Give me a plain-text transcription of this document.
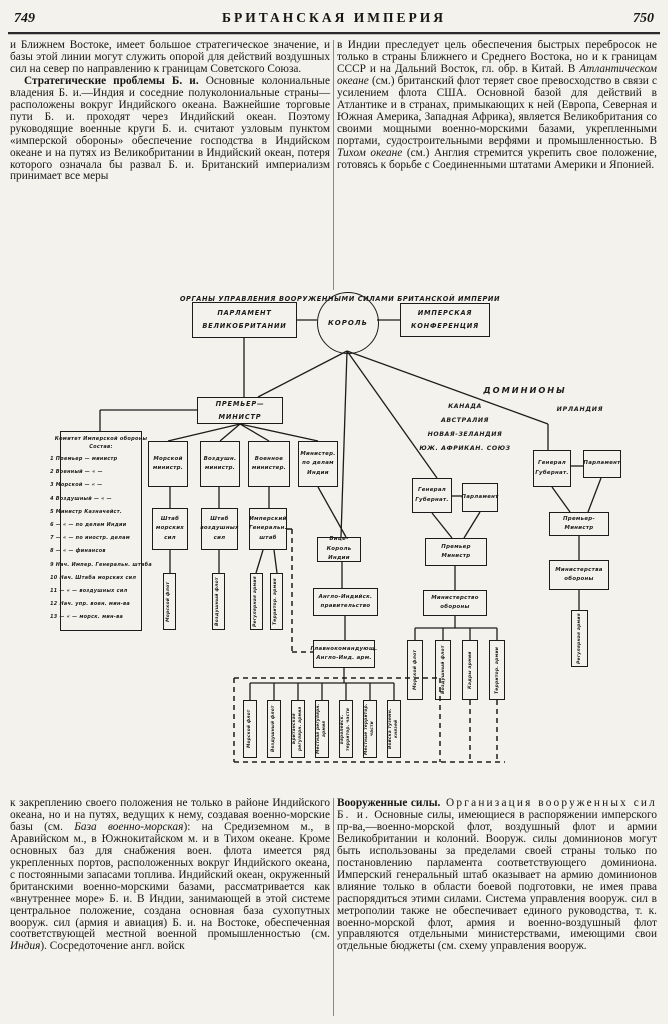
749	БРИТАНСКАЯ ИМПЕРИЯ	750

и Ближнем Востоке, имеет большое стратегическое значение, и базы этой линии могут служить опорой для действий воздушных сил на север по направлению к границам Советского Союза.

Стратегические проблемы Б. и. Основные колониальные владения Б. и.—Индия и соседние полуколониальные страны—расположены вокруг Индийского океана. Важнейшие торговые пути Б. и. проходят через Индийский океан. Поэтому руководящие военные круги Б. и. считают узловым пунктом «имперской обороны» обеспечение господства в Индийском океане и на путях из Великобритании в Индийский океан, потеря которого означала бы развал Б. и. Британский империализм принимает все меры

в Индии преследует цель обеспечения быстрых перебросок не только в страны Ближнего и Среднего Востока, но и к границам СССР и на Дальний Восток, гл. обр. в Китай. В Атлантическом океане (см.) британский флот теряет свое превосходство в связи с усилением флота США. Основной базой для действий в Атлантике и в странах, примыкающих к ней (Европа, Северная и Южная Америка, Западная Африка), является Великобритания со своими мощными военно-морскими базами, укрепленными портами, судостроительными верфями и промышленностью. В Тихом океане (см.) Англия стремится укрепить свое положение, готовясь к борьбе с Соединенными штатами Америки и Японией.

ОРГАНЫ УПРАВЛЕНИЯ ВООРУЖЕННЫМИ СИЛАМИ БРИТАНСКОЙ ИМПЕРИИ
ПАРЛАМЕНТ ВЕЛИКОБРИТАНИИ	КОРОЛЬ
ИМПЕРСКАЯ КОНФЕРЕНЦИЯ
ДОМИНИОНЫ
ПРЕМЬЕР— МИНИСТР
Комитет Имперской обороны
Состав:
1 Премьер — министр
2 Военный — « —
3 Морской — « —
4 Воздушный — « —
5 Министр Казначейст.
6 — « — по делам Индии
7 — « — по иностр. делам
8 — « — финансов
9 Нач. Импер. Генеральн. штаба
10 Нач. Штаба морских сил
11 — « — воздушных сил
12 Нач. упр. воен. мин-ва
13 — « — морск. мин-ва
Морской министр.
Воздушн. министр.
Военное министер.
Министер. по делам Индии
Штаб морских сил
Штаб воздушных сил
Имперский Генеральн. штаб	Вице-Король Индии
Морской флот	Воздушный флот	Регулярная армия	Территор. армия	Англо-Индийск. правительство
Главнокомандующ. Англо-Инд. арм.
Морской флот	Воздушный флот	Британская регулярн. армия	Местная регулярн. армия	Европейск. территор. части	Местные территор. части	Войска туземн. князей
КАНАДА
АВСТРАЛИЯ
НОВАЯ-ЗЕЛАНДИЯ
ЮЖ. АФРИКАН. СОЮЗ
ИРЛАНДИЯ
Генерал Губернат.	Парламент
Премьер Министр
Министерство обороны
Морской флот	Воздушный флот	Кадры армии	Территор. армии
Генерал Губернат.
Парламент
Премьер- Министр
Министерства обороны
Регулярная армия

к закреплению своего положения не только в районе Индийского океана, но и на путях, ведущих к нему, создавая военно-морские базы (см. База военно-морская): на Средиземном м., в Аравийском м., в Южнокитайском м. и в Тихом океане. Кроме основных баз для снабжения воен. флота имеется ряд укрепленных портов, расположенных вокруг Индийского океана, с постоянными запасами топлива. Индийский океан, окруженный британскими военно-морскими базами, рассматривается как «внутреннее море» Б. и. В Индии, занимающей в этой системе центральное положение, создана основная база сухопутных вооруж. сил (армия и авиация) Б. и. на Востоке, обеспеченная соответствующей местной военной промышленностью (см. Индия). Сосредоточение англ. войск

Вооруженные силы. Организация вооруженных сил Б. и. Основные силы, имеющиеся в распоряжении имперского пр-ва,—военно-морской флот, воздушный флот и армии Великобритании и колоний. Вооруж. силы доминионов могут быть использованы за пределами своей страны только по постановлению парламента соответствующего доминиона. Имперский генеральный штаб оказывает на армию доминионов влияние только в области боевой подготовки, не имея права распорядиться этими силами. Система управления вооруж. сил в метрополии также не обеспечивает единого руководства, т. к. военно-морской флот, армия и военно-воздушный флот управляются отдельными министерствами, имеющими свои отдельные бюджеты (см. схему управления вооруж.
